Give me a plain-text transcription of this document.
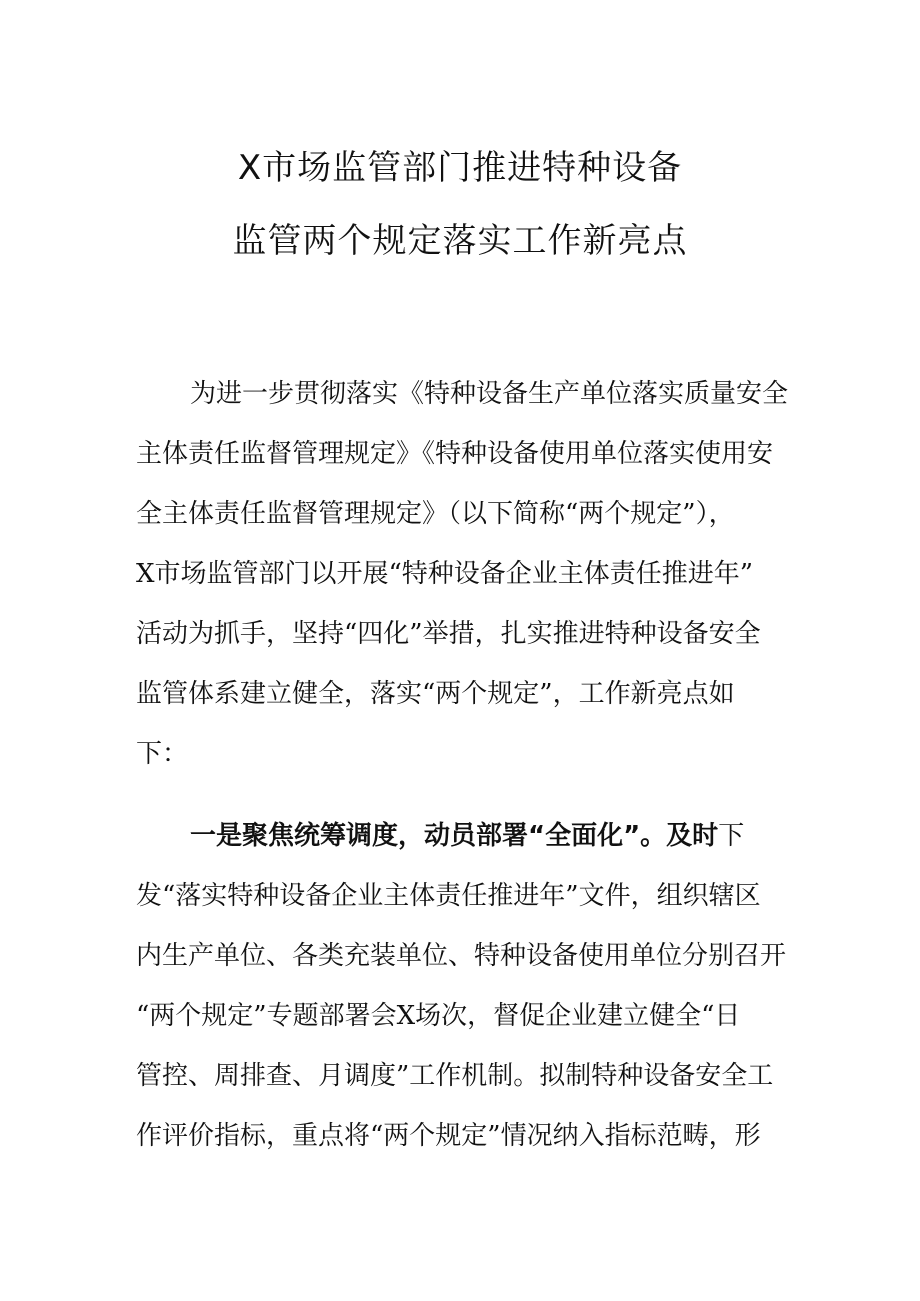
X市场监管部门推进特种设备
监管两个规定落实工作新亮点
为进一步贯彻落实《特种设备生产单位落实质量安全
主体责任监督管理规定》《特种设备使用单位落实使用安
全主体责任监督管理规定》（以下简称“两个规定”），
X市场监管部门以开展“特种设备企业主体责任推进年”
活动为抓手，坚持“四化”举措，扎实推进特种设备安全
监管体系建立健全，落实“两个规定”，工作新亮点如
下：
一是聚焦统筹调度，动员部署“全面化”。及时下
发“落实特种设备企业主体责任推进年”文件，组织辖区
内生产单位、各类充装单位、特种设备使用单位分别召开
“两个规定”专题部署会X场次，督促企业建立健全“日
管控、周排查、月调度”工作机制。拟制特种设备安全工
作评价指标，重点将“两个规定”情况纳入指标范畴，形
